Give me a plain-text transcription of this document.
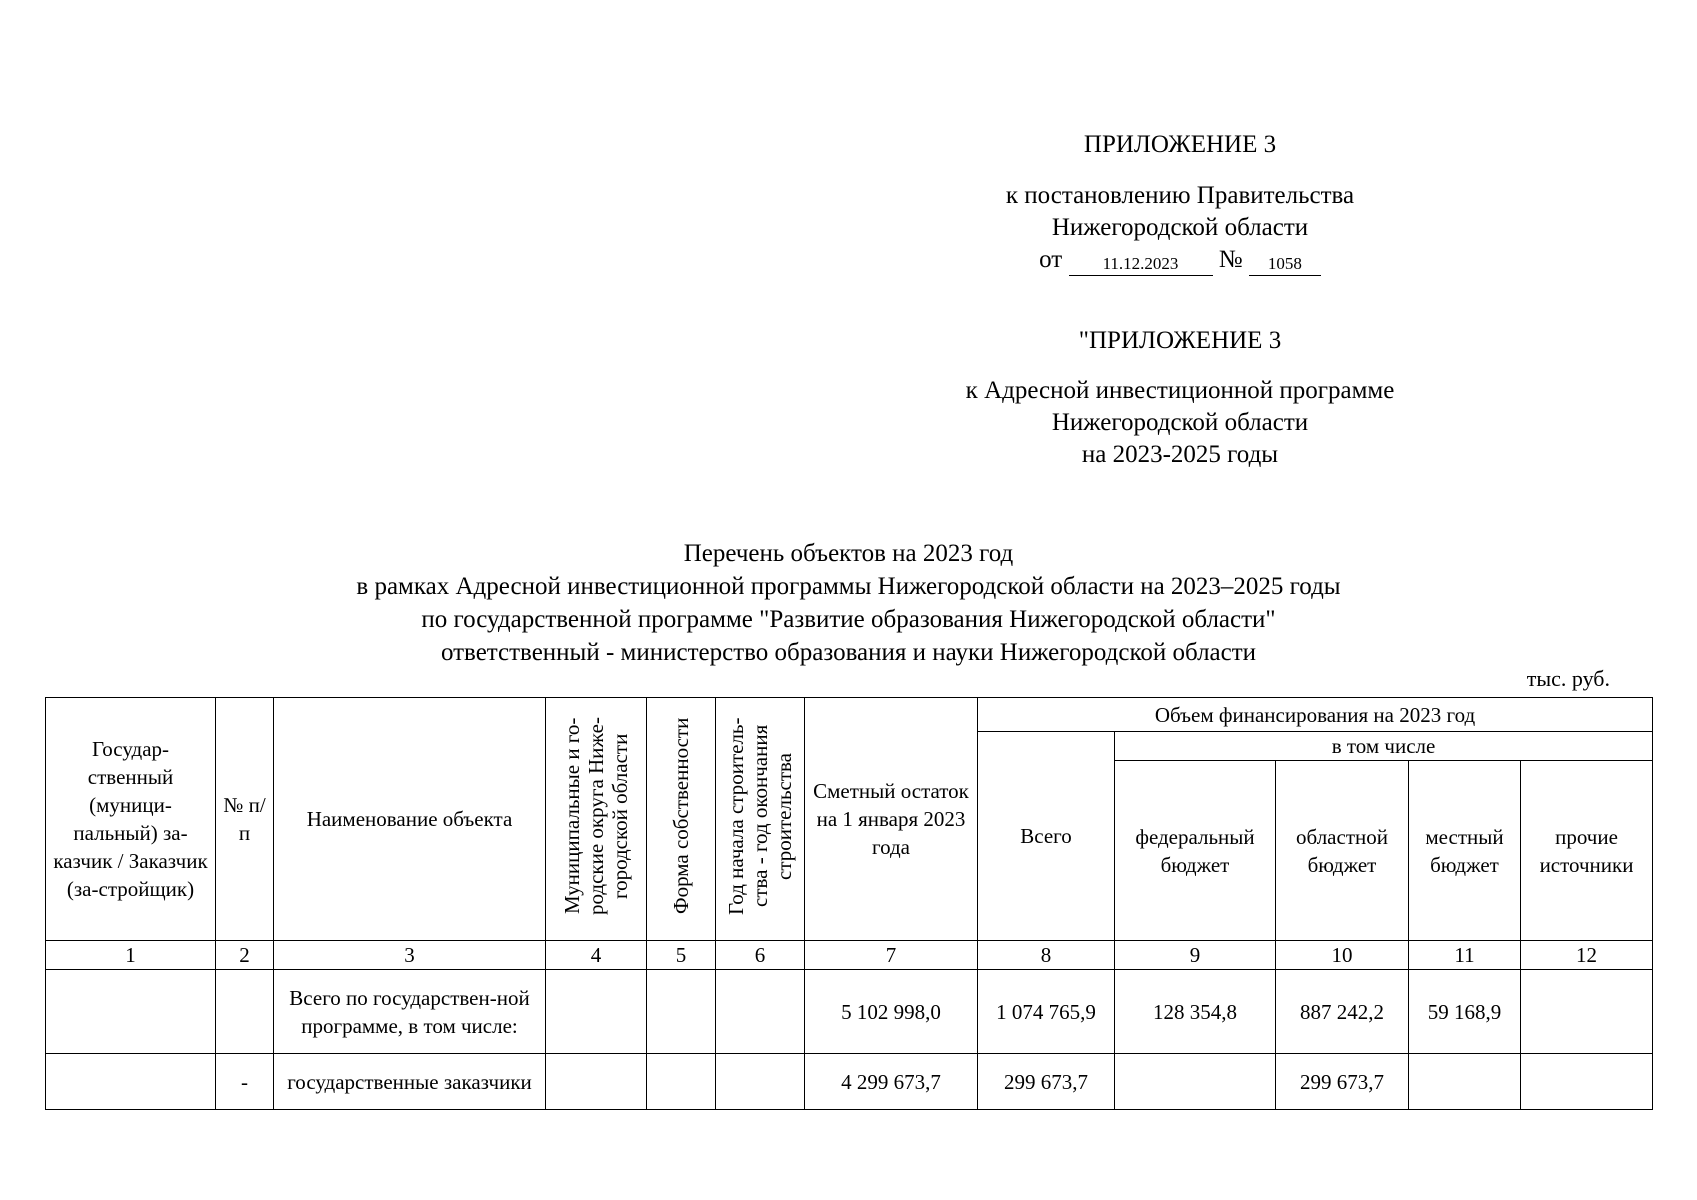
ПРИЛОЖЕНИЕ 3
к постановлению Правительства
Нижегородской области
от 11.12.2023 № 1058
"ПРИЛОЖЕНИЕ 3
к Адресной инвестиционной программе
Нижегородской области
на 2023-2025 годы
Перечень объектов на 2023 год
в рамках Адресной инвестиционной программы Нижегородской области на 2023–2025 годы
по государственной программе "Развитие образования Нижегородской области"
ответственный - министерство образования и науки Нижегородской области
тыс. руб.
Государ-ственный (муници-пальный) за-казчик / Заказчик (за-стройщик)	№ п/п	Наименование объекта	Муниципальные и го-родские округа Ниже-городской области	Форма собственности	Год начала строитель-ства - год окончания строительства	Сметный остаток на 1 января 2023 года	Объем финансирования на 2023 год				
							Всего	в том числе			
								федеральный бюджет	областной бюджет	местный бюджет	прочие источники
1	2	3	4	5	6	7	8	9	10	11	12
		Всего по государствен-ной программе, в том числе:				5 102 998,0	1 074 765,9	128 354,8	887 242,2	59 168,9	
	-	государственные заказчики				4 299 673,7	299 673,7		299 673,7		
